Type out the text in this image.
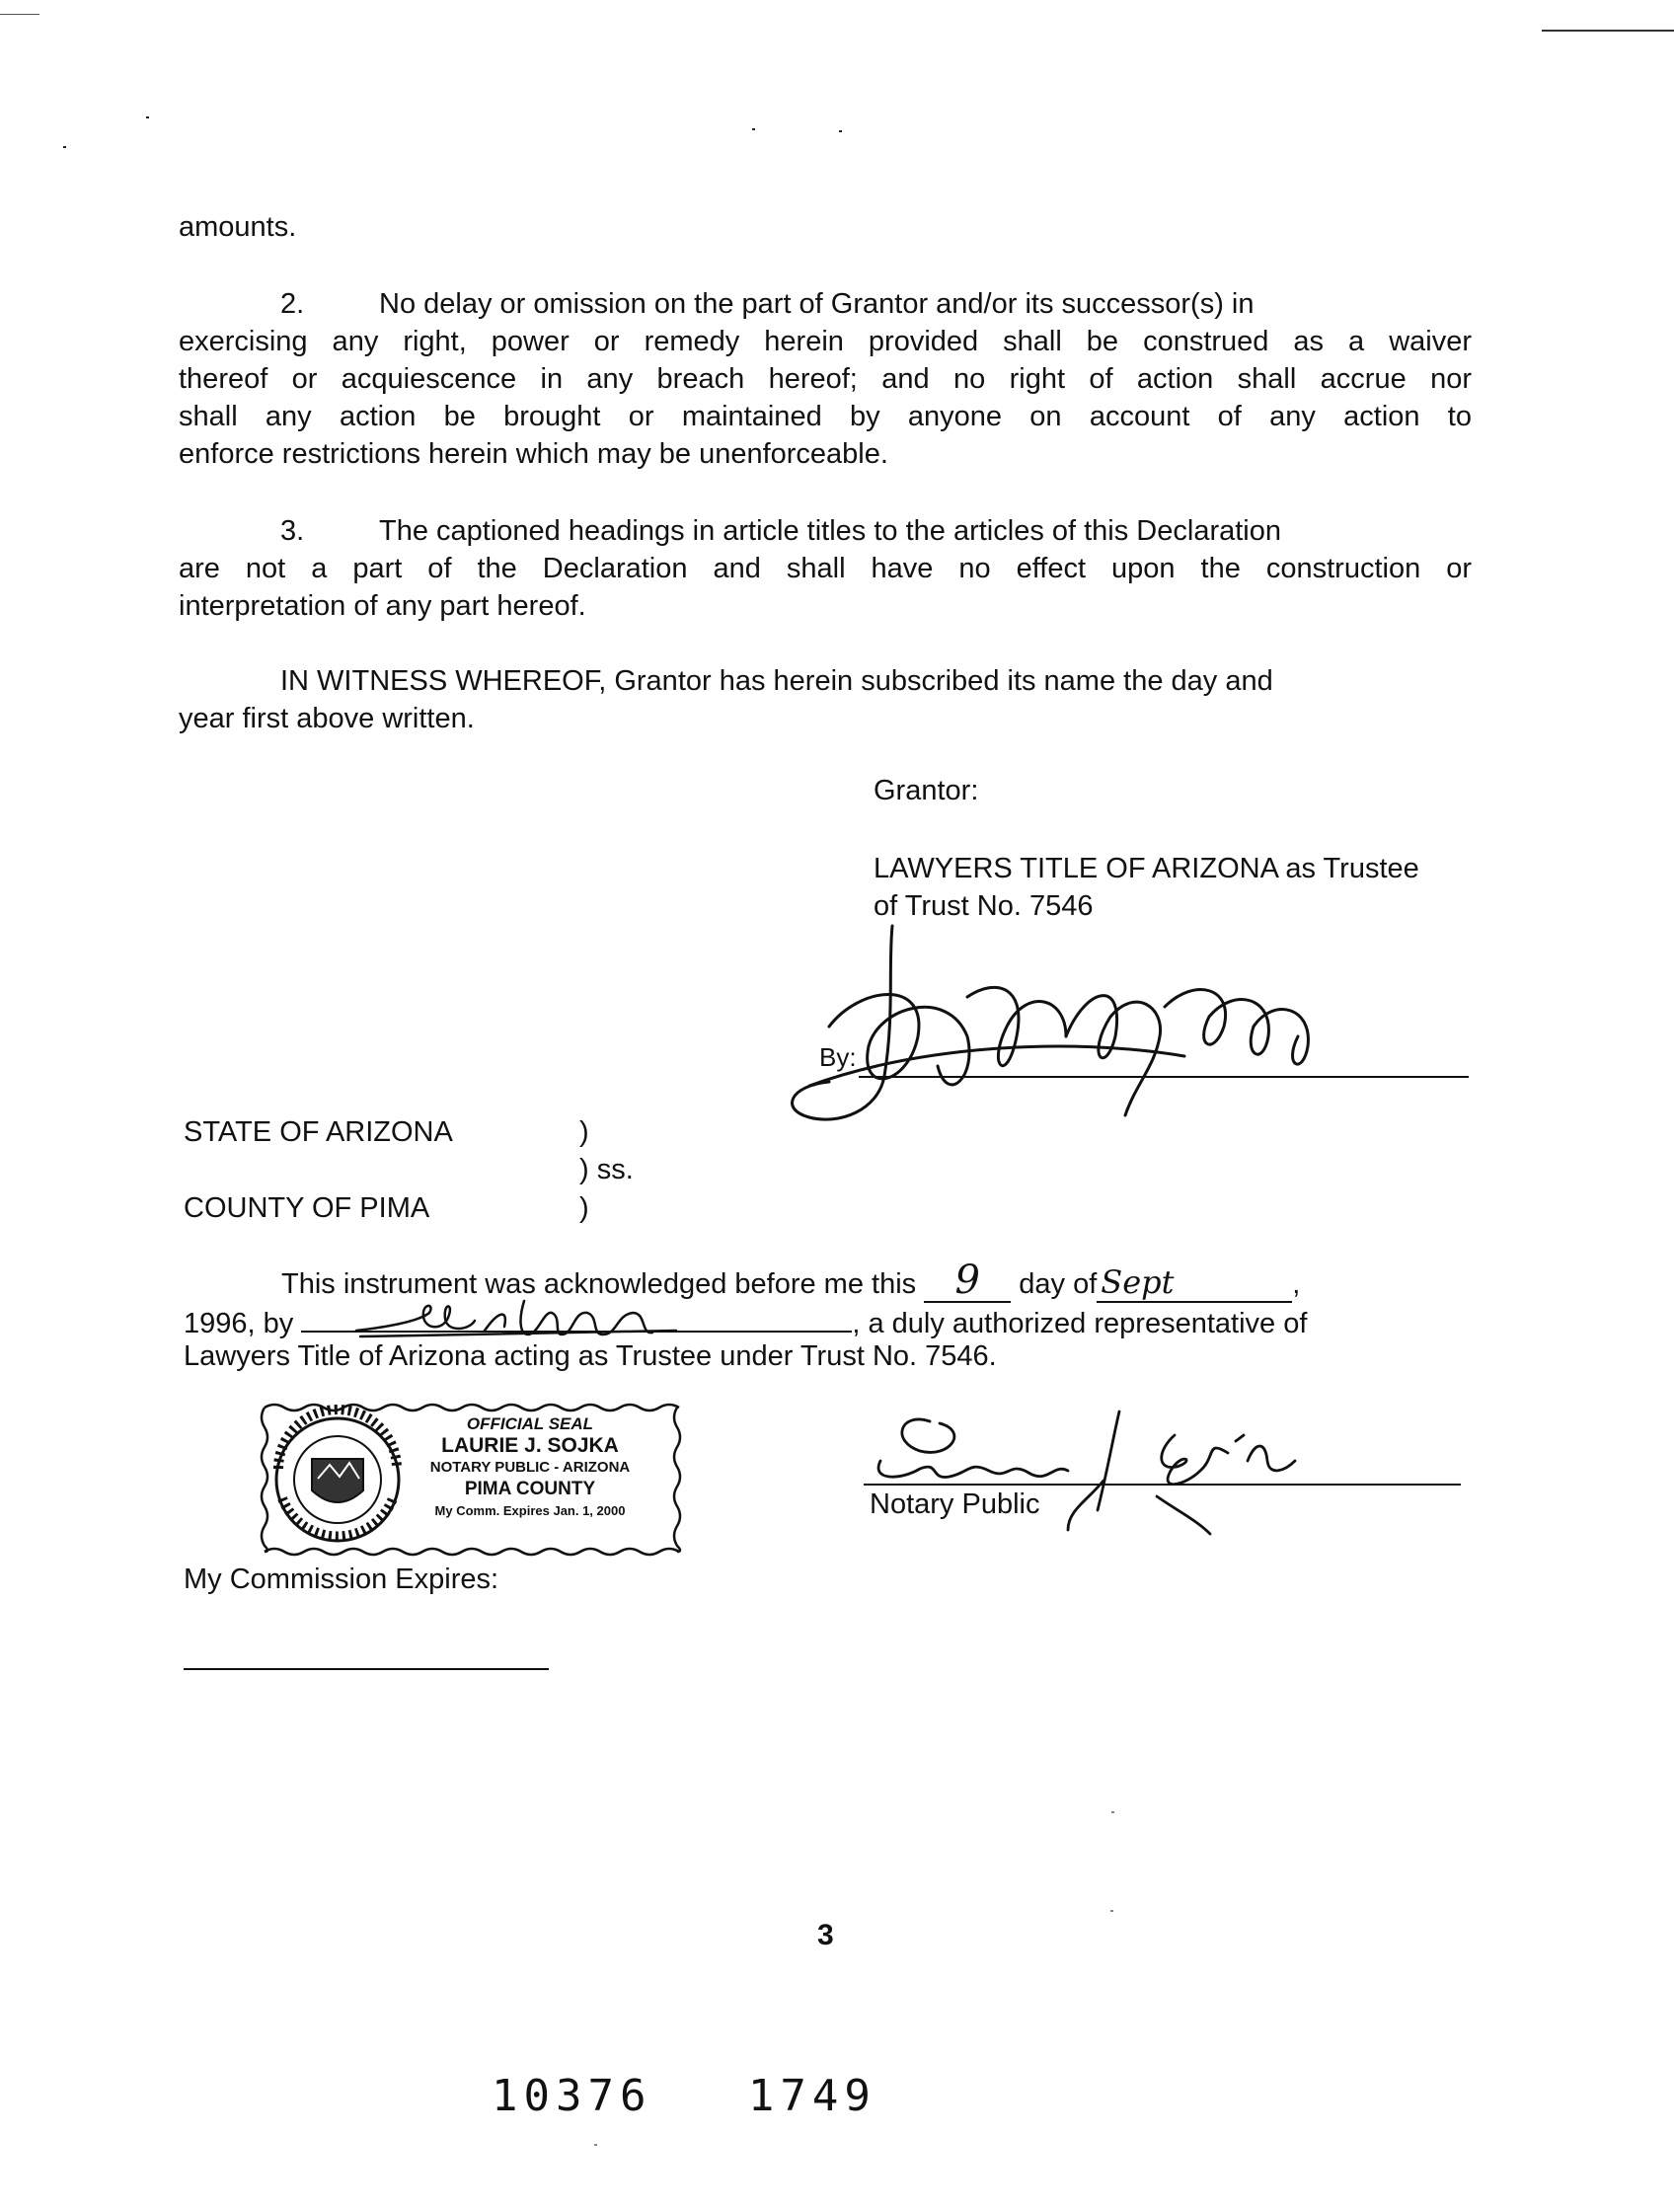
amounts.
2.	No delay or omission on the part of Grantor and/or its successor(s) in
exercising any right, power or remedy herein provided shall be construed as a waiver
thereof or acquiescence in any breach hereof; and no right of action shall accrue nor
shall any action be brought or maintained by anyone on account of any action to
enforce restrictions herein which may be unenforceable.
3.	The captioned headings in article titles to the articles of this Declaration
are not a part of the Declaration and shall have no effect upon the construction or
interpretation of any part hereof.
IN WITNESS WHEREOF, Grantor has herein subscribed its name the day and
year first above written.
Grantor:
LAWYERS TITLE OF ARIZONA as Trustee
of Trust No. 7546
By:
STATE OF ARIZONA	)
) ss.
COUNTY OF PIMA	)
This instrument was acknowledged before me this 9 day of Sept	,
1996, by	, a duly authorized representative of
Lawyers Title of Arizona acting as Trustee under Trust No. 7546.
OFFICIAL SEAL
LAURIE J. SOJKA
NOTARY PUBLIC - ARIZONA
PIMA COUNTY
My Comm. Expires Jan. 1, 2000	Notary Public
My Commission Expires:
3
10376   1749
